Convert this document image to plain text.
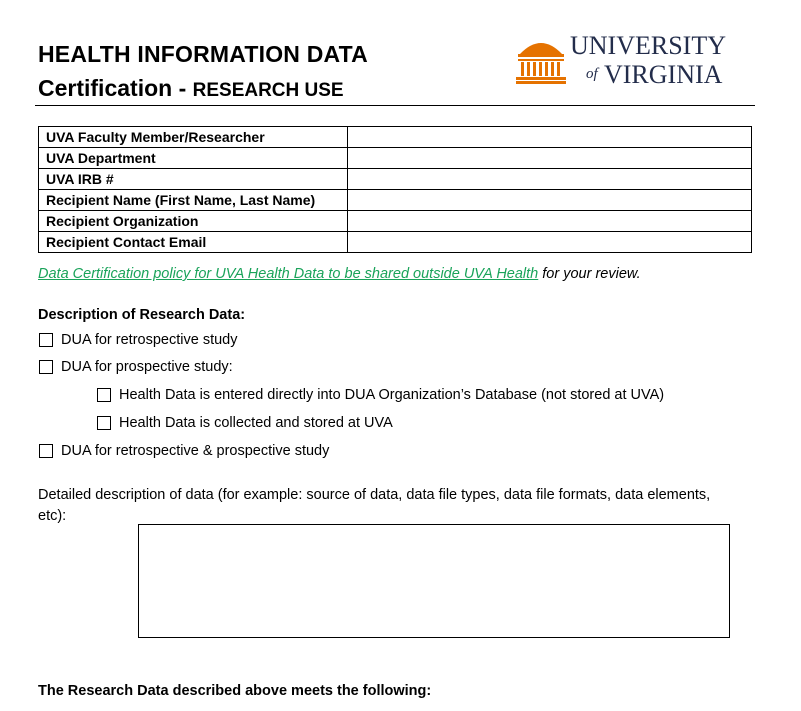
HEALTH INFORMATION DATA
Certification - RESEARCH USE
UNIVERSITY
of VIRGINIA
UVA Faculty Member/Researcher	
UVA Department	
UVA IRB #	
Recipient Name (First Name, Last Name)	
Recipient Organization	
Recipient Contact Email	
Data Certification policy for UVA Health Data to be shared outside UVA Health for your review.
Description of Research Data:
DUA for retrospective study
DUA for prospective study:
Health Data is entered directly into DUA Organization’s Database (not stored at UVA)
Health Data is collected and stored at UVA
DUA for retrospective & prospective study
Detailed description of data (for example: source of data, data file types, data file formats, data elements, etc):
The Research Data described above meets the following:
